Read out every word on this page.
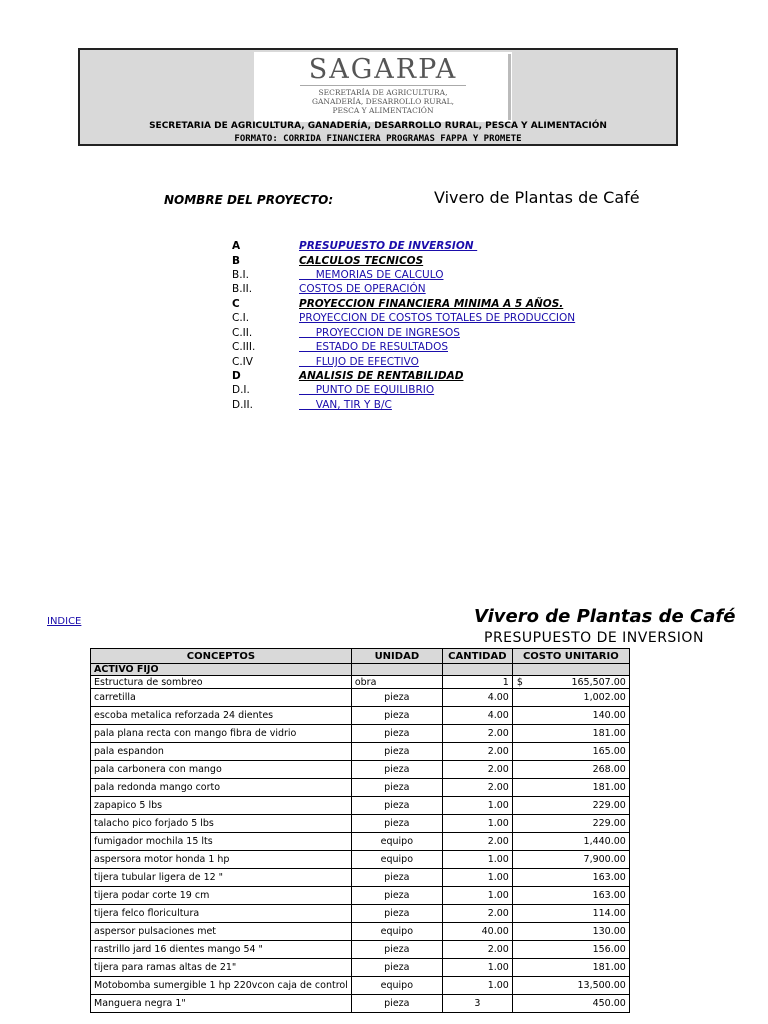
SAGARPA
SECRETARÍA DE AGRICULTURA,
GANADERÍA, DESARROLLO RURAL,
PESCA Y ALIMENTACIÓN
SECRETARIA DE AGRICULTURA, GANADERÍA, DESARROLLO RURAL, PESCA Y ALIMENTACIÓN
FORMATO: CORRIDA FINANCIERA PROGRAMAS FAPPA Y PROMETE
NOMBRE DEL PROYECTO:	Vivero de Plantas de Café
A	PRESUPUESTO DE INVERSION
B	CALCULOS TECNICOS
B.I.	MEMORIAS DE CALCULO
B.II.	COSTOS DE OPERACIÓN
C	PROYECCION FINANCIERA MINIMA A 5 AÑOS.
C.I.	PROYECCION DE COSTOS TOTALES DE PRODUCCION
C.II.	PROYECCION DE INGRESOS
C.III.	ESTADO DE RESULTADOS
C.IV	FLUJO DE EFECTIVO
D	ANALISIS DE RENTABILIDAD
D.I.	PUNTO DE EQUILIBRIO
D.II.	VAN, TIR Y B/C
INDICE	Vivero de Plantas de Café
PRESUPUESTO DE INVERSION
CONCEPTOS	UNIDAD	CANTIDAD	COSTO UNITARIO
ACTIVO FIJO			
Estructura de sombreo	obra	1	$ 165,507.00
carretilla	pieza	4.00	1,002.00
escoba metalica reforzada 24 dientes	pieza	4.00	140.00
pala plana recta con mango fibra de vidrio	pieza	2.00	181.00
pala espandon	pieza	2.00	165.00
pala carbonera con mango	pieza	2.00	268.00
pala redonda mango corto	pieza	2.00	181.00
zapapico 5 lbs	pieza	1.00	229.00
talacho pico forjado 5 lbs	pieza	1.00	229.00
fumigador mochila 15 lts	equipo	2.00	1,440.00
aspersora motor honda 1 hp	equipo	1.00	7,900.00
tijera tubular ligera de 12 "	pieza	1.00	163.00
tijera podar corte 19 cm	pieza	1.00	163.00
tijera felco floricultura	pieza	2.00	114.00
aspersor pulsaciones met	equipo	40.00	130.00
rastrillo jard 16 dientes mango 54 "	pieza	2.00	156.00
tijera para ramas altas de 21"	pieza	1.00	181.00
Motobomba sumergible 1 hp 220vcon caja de control	equipo	1.00	13,500.00
Manguera negra 1"	pieza	3	450.00
